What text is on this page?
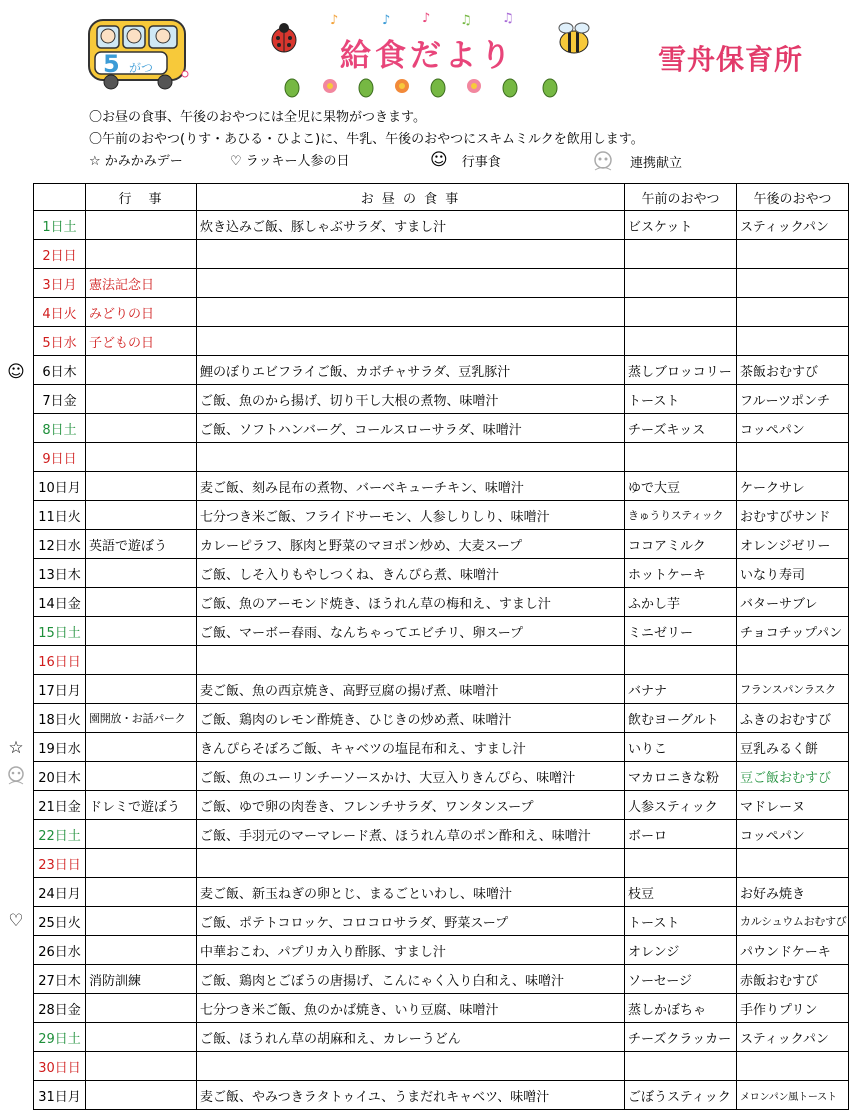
5 がつ
♪	♪ ♪ ♫ ♫
給食だより	雪舟保育所
〇お昼の食事、午後のおやつには全児に果物がつきます。
〇午前のおやつ(りす・あひる・ひよこ)に、牛乳、午後のおやつにスキムミルクを飲用します。
☆ かみかみデー	♡ ラッキー人参の日	☺ 行事食	連携献立
☺
☆
♡
	行　事	お 昼 の 食 事	午前のおやつ	午後のおやつ
1日土		炊き込みご飯、豚しゃぶサラダ、すまし汁	ビスケット	スティックパン
2日日				
3日月	憲法記念日			
4日火	みどりの日			
5日水	子どもの日			
6日木		鯉のぼりエビフライご飯、カボチャサラダ、豆乳豚汁	蒸しブロッコリー	茶飯おむすび
7日金		ご飯、魚のから揚げ、切り干し大根の煮物、味噌汁	トースト	フルーツポンチ
8日土		ご飯、ソフトハンバーグ、コールスローサラダ、味噌汁	チーズキッス	コッペパン
9日日				
10日月		麦ご飯、刻み昆布の煮物、バーベキューチキン、味噌汁	ゆで大豆	ケークサレ
11日火		七分つき米ご飯、フライドサーモン、人参しりしり、味噌汁	きゅうりスティック	おむすびサンド
12日水	英語で遊ぼう	カレーピラフ、豚肉と野菜のマヨポン炒め、大麦スープ	ココアミルク	オレンジゼリー
13日木		ご飯、しそ入りもやしつくね、きんぴら煮、味噌汁	ホットケーキ	いなり寿司
14日金		ご飯、魚のアーモンド焼き、ほうれん草の梅和え、すまし汁	ふかし芋	バターサブレ
15日土		ご飯、マーボー春雨、なんちゃってエビチリ、卵スープ	ミニゼリー	チョコチップパン
16日日				
17日月		麦ご飯、魚の西京焼き、高野豆腐の揚げ煮、味噌汁	バナナ	フランスパンラスク
18日火	園開放・お話パーク	ご飯、鶏肉のレモン酢焼き、ひじきの炒め煮、味噌汁	飲むヨーグルト	ふきのおむすび
19日水		きんぴらそぼろご飯、キャベツの塩昆布和え、すまし汁	いりこ	豆乳みるく餅
20日木		ご飯、魚のユーリンチーソースかけ、大豆入りきんぴら、味噌汁	マカロニきな粉	豆ご飯おむすび
21日金	ドレミで遊ぼう	ご飯、ゆで卵の肉巻き、フレンチサラダ、ワンタンスープ	人参スティック	マドレーヌ
22日土		ご飯、手羽元のマーマレード煮、ほうれん草のポン酢和え、味噌汁	ボーロ	コッペパン
23日日				
24日月		麦ご飯、新玉ねぎの卵とじ、まるごといわし、味噌汁	枝豆	お好み焼き
25日火		ご飯、ポテトコロッケ、コロコロサラダ、野菜スープ	トースト	カルシュウムおむすび
26日水		中華おこわ、パプリカ入り酢豚、すまし汁	オレンジ	パウンドケーキ
27日木	消防訓練	ご飯、鶏肉とごぼうの唐揚げ、こんにゃく入り白和え、味噌汁	ソーセージ	赤飯おむすび
28日金		七分つき米ご飯、魚のかば焼き、いり豆腐、味噌汁	蒸しかぼちゃ	手作りプリン
29日土		ご飯、ほうれん草の胡麻和え、カレーうどん	チーズクラッカー	スティックパン
30日日				
31日月		麦ご飯、やみつきラタトゥイユ、うまだれキャベツ、味噌汁	ごぼうスティック	メロンパン風トースト
